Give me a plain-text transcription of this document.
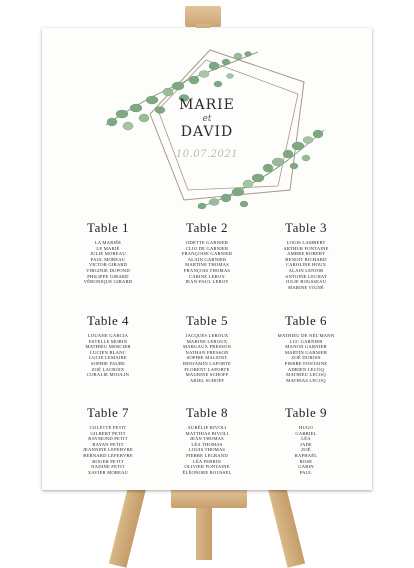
MARIE
et
DAVID
10.07.2021
Table 1
LA MARIÉE
LE MARIÉ
JULIE MOREAU
PAUL MOREAU
VICTOR GIRARD
VIRGINIE DUPOND
PHILIPPE GIRARD
VÉRONIQUE GIRARD
Table 2
ODETTE GARNIER
CLIO DE GARNIER
FRANÇOISE GARNIER
ALAIN GARNIER
MARTINE THOMAS
FRANÇOIS THOMAS
CARINE LEROY
JEAN-PAUL LEROY
Table 3
LOUIS LAMBERT
ARTHUR FONTAINE
AMBRE ROBERT
BENOIT RICHARD
CAROLINE HOUX
ALAIN LENOIR
ANTOINE LECHAT
JULIE ROUSSEAU
MARINE VIGNÉ
Table 4
LOUANE GARCIA
ESTELLE MORIN
MATHIEU MERCIER
LUCIEN BLANC
LUCIE LEMAIRE
SOPHIE FAURE
ZOÉ LACROIX
CORALIE MOULIN
Table 5
JACQUES LEROUX
MARINE LEROUX
MARGAUX FRESSON
NATHAN FRESSON
SOPHIE MALEINT
BENJAMIN LAPORTE
FLORENT LAPORTE
MAURINE SCHOFF
ARIEL SCHOFF
Table 6
MATHIEU DE NEL'MANN
LUC GARNIER
MANON GARNIER
MARTIN GARNIER
ZOÉ DUBOIS
PIERRE FONTAINE
ADRIEN LECOQ
MATHIEU LECOQ
MATHIAS LECOQ
Table 7
COLETTE PETIT
GILBERT PETIT
RAYMOND PETIT
RAYAN PETIT
JEANNINE LEFEBVRE
BERNARD LEFEBVRE
ROGER PETIT
NADINE PETIT
XAVIER MOREAU
Table 8
AURÉLIE RIVOLI
MATTHIAS RIVOLI
JEAN THOMAS
LÉA THOMAS
LOUIS THOMAS
PIERRE LEGRAND
LÉA PERRIN
OLIVIER FONTAINE
ÉLÉONORE ROUSSEL
Table 9
HUGO
GABRIEL
LÉA
JADE
ZOÉ
RAPHAËL
ROSE
GABIN
PAUL
